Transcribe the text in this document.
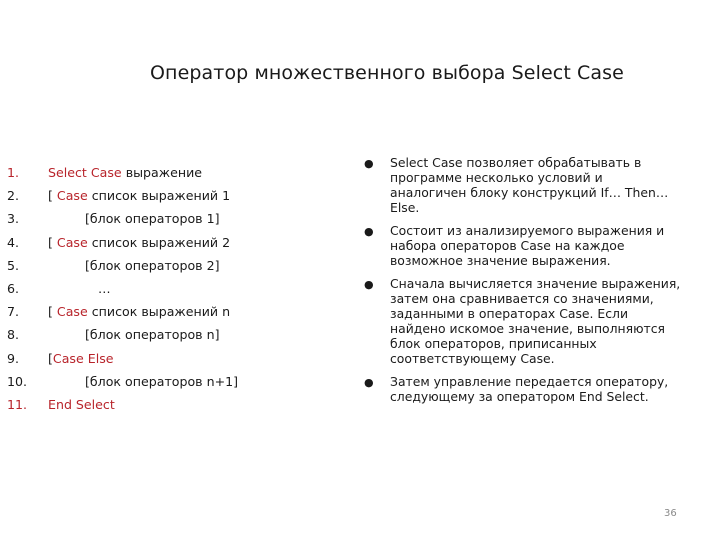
Оператор множественного выбора Select Case
1.	Select Case выражение
2.	[ Case список выражений 1
3.	[блок операторов 1]
4.	[ Case список выражений 2
5.	[блок операторов 2]
6.	…
7.	[ Case список выражений n
8.	[блок операторов n]
9.	[Case Else
10.	[блок операторов n+1]
11.	End Select
● Select Case позволяет обрабатывать в программе несколько условий и аналогичен блоку конструкций If… Then…Else.
● Состоит из анализируемого выражения и набора операторов Case на каждое возможное значение выражения.
● Сначала вычисляется значение выражения, затем она сравнивается со значениями, заданными в операторах Case. Если найдено искомое значение, выполняются блок операторов, приписанных соответствующему Case.
● Затем управление передается оператору, следующему за оператором End Select.
36
